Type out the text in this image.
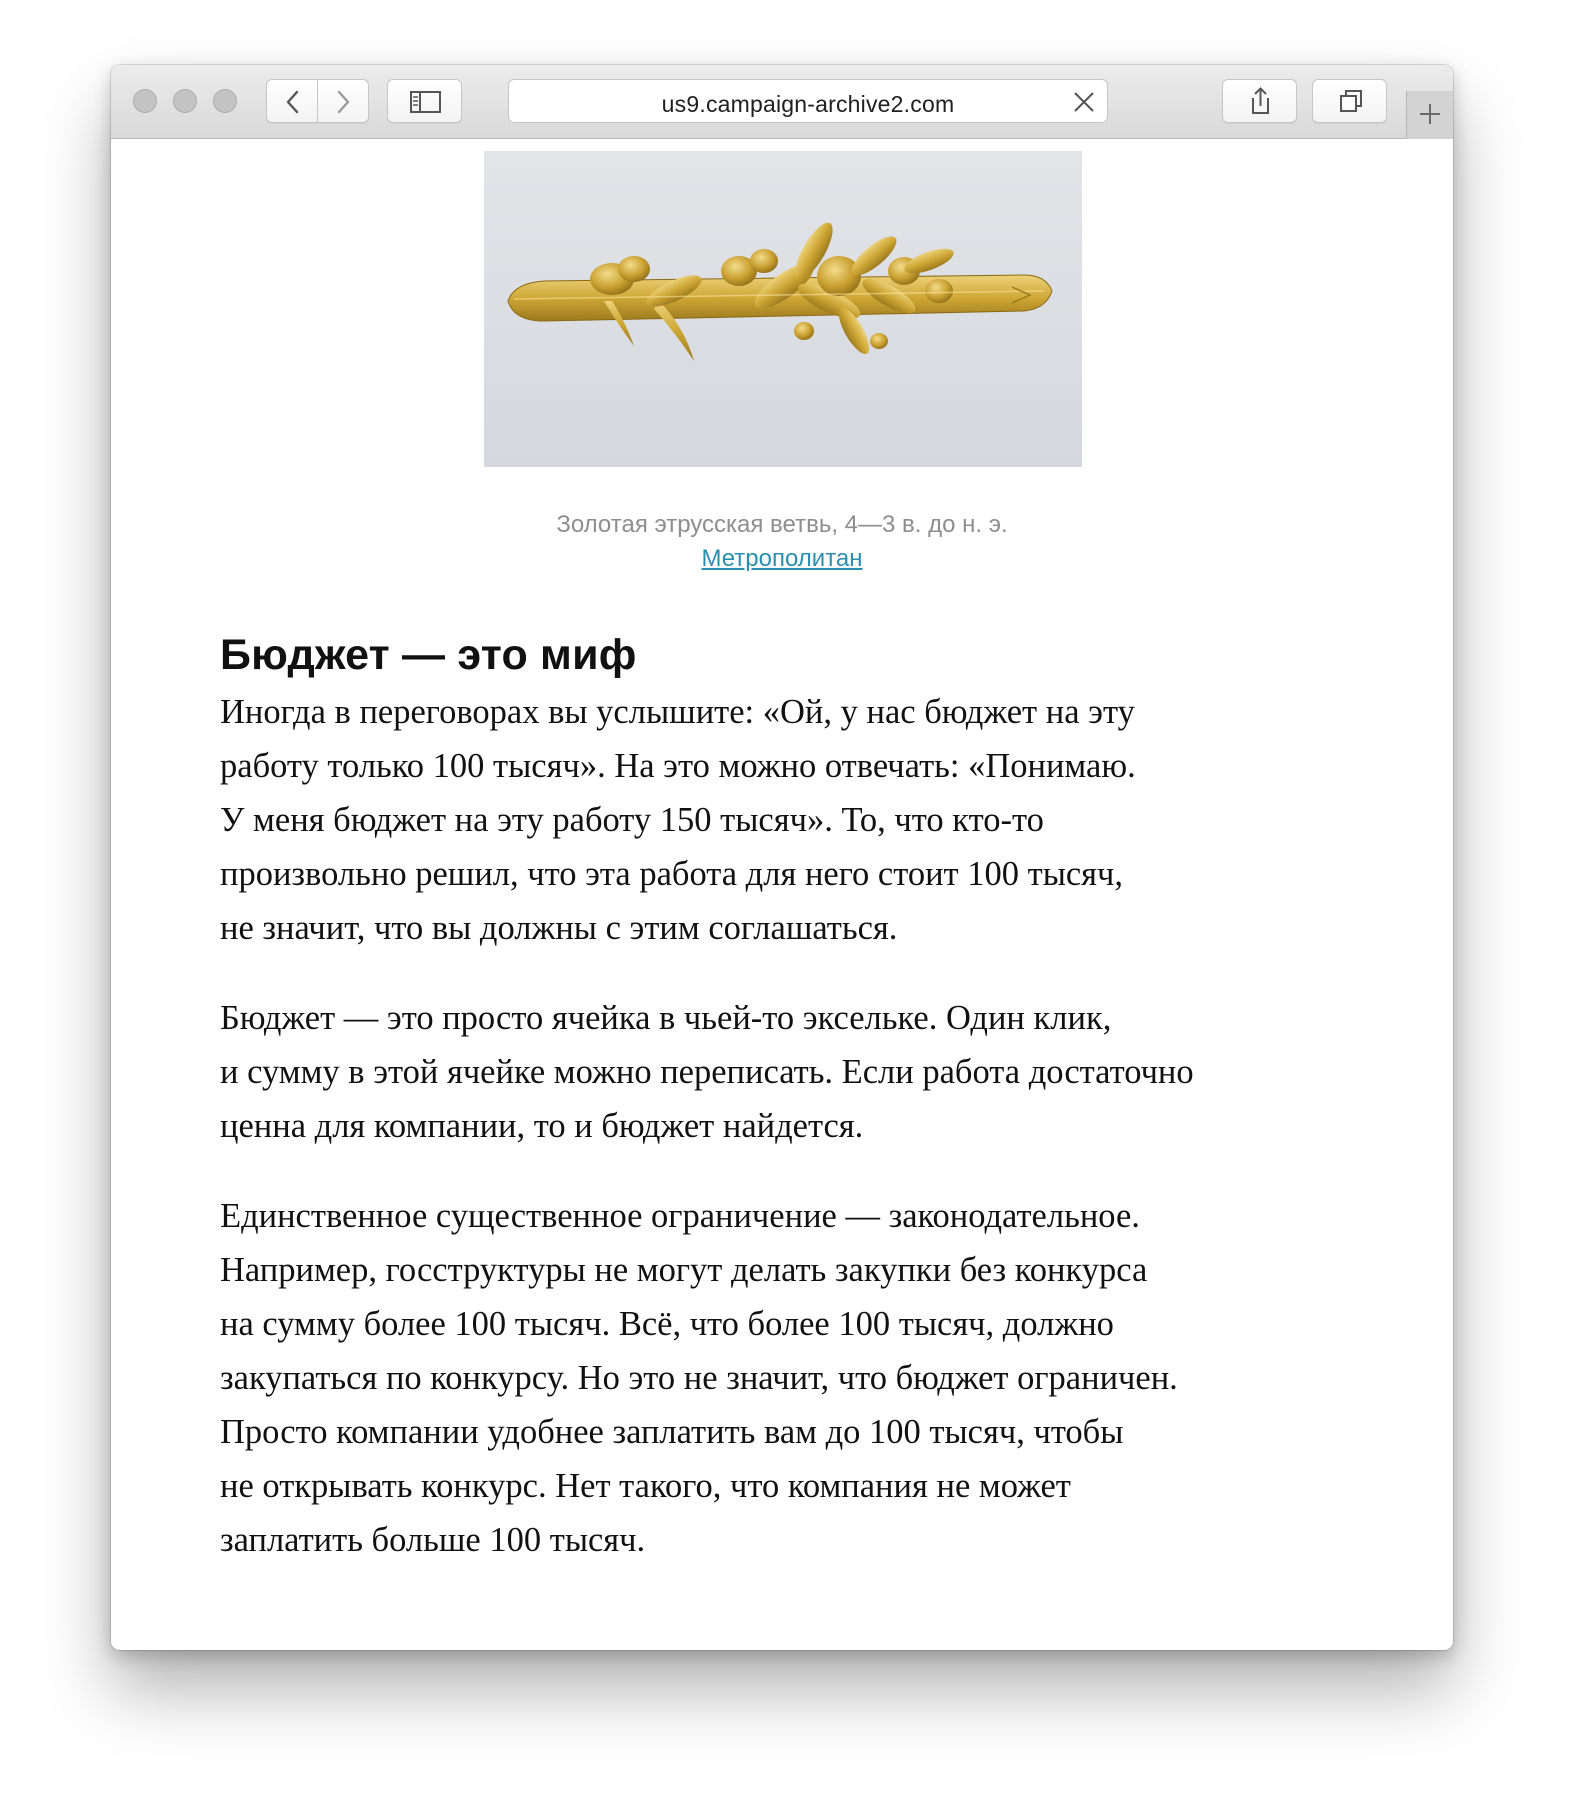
us9.campaign-archive2.com
Золотая этрусская ветвь, 4—3 в. до н. э.
Метрополитан
Бюджет — это миф

Иногда в переговорах вы услышите: «Ой, у нас бюджет на эту
работу только 100 тысяч». На это можно отвечать: «Понимаю.
У меня бюджет на эту работу 150 тысяч». То, что кто-то
произвольно решил, что эта работа для него стоит 100 тысяч,
не значит, что вы должны с этим соглашаться.

Бюджет — это просто ячейка в чьей-то эксельке. Один клик,
и сумму в этой ячейке можно переписать. Если работа достаточно
ценна для компании, то и бюджет найдется.

Единственное существенное ограничение — законодательное.
Например, госструктуры не могут делать закупки без конкурса
на сумму более 100 тысяч. Всё, что более 100 тысяч, должно
закупаться по конкурсу. Но это не значит, что бюджет ограничен.
Просто компании удобнее заплатить вам до 100 тысяч, чтобы
не открывать конкурс. Нет такого, что компания не может
заплатить больше 100 тысяч.
